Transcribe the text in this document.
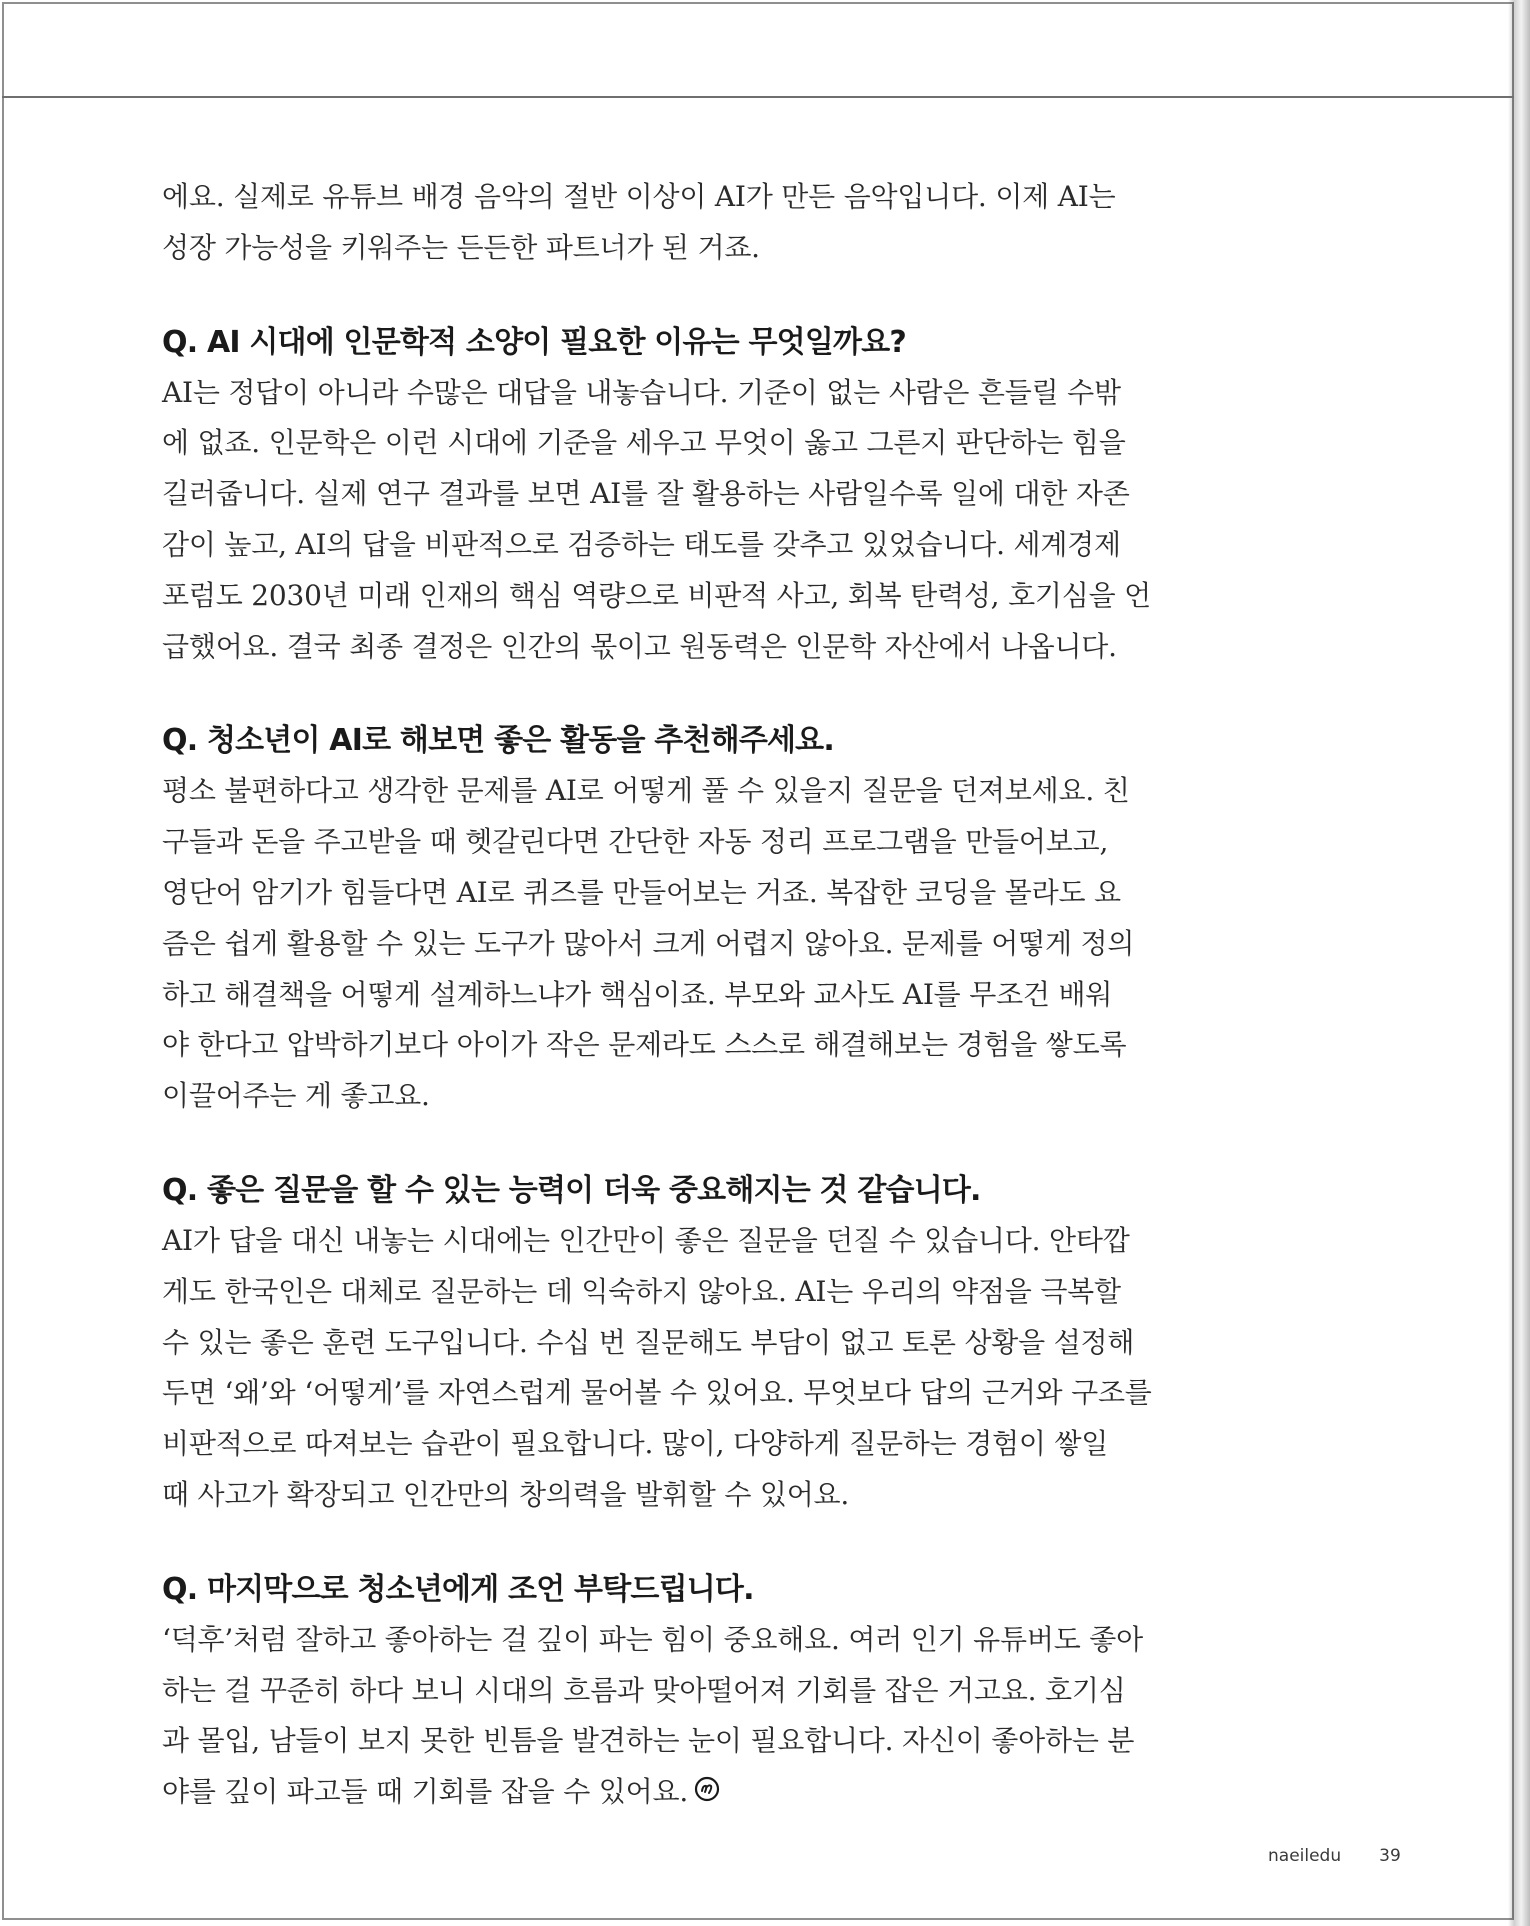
에요. 실제로 유튜브 배경 음악의 절반 이상이 AI가 만든 음악입니다. 이제 AI는
성장 가능성을 키워주는 든든한 파트너가 된 거죠.

Q. AI 시대에 인문학적 소양이 필요한 이유는 무엇일까요?

AI는 정답이 아니라 수많은 대답을 내놓습니다. 기준이 없는 사람은 흔들릴 수밖
에 없죠. 인문학은 이런 시대에 기준을 세우고 무엇이 옳고 그른지 판단하는 힘을
길러줍니다. 실제 연구 결과를 보면 AI를 잘 활용하는 사람일수록 일에 대한 자존
감이 높고, AI의 답을 비판적으로 검증하는 태도를 갖추고 있었습니다. 세계경제
포럼도 2030년 미래 인재의 핵심 역량으로 비판적 사고, 회복 탄력성, 호기심을 언
급했어요. 결국 최종 결정은 인간의 몫이고 원동력은 인문학 자산에서 나옵니다.

Q. 청소년이 AI로 해보면 좋은 활동을 추천해주세요.

평소 불편하다고 생각한 문제를 AI로 어떻게 풀 수 있을지 질문을 던져보세요. 친
구들과 돈을 주고받을 때 헷갈린다면 간단한 자동 정리 프로그램을 만들어보고,
영단어 암기가 힘들다면 AI로 퀴즈를 만들어보는 거죠. 복잡한 코딩을 몰라도 요
즘은 쉽게 활용할 수 있는 도구가 많아서 크게 어렵지 않아요. 문제를 어떻게 정의
하고 해결책을 어떻게 설계하느냐가 핵심이죠. 부모와 교사도 AI를 무조건 배워
야 한다고 압박하기보다 아이가 작은 문제라도 스스로 해결해보는 경험을 쌓도록
이끌어주는 게 좋고요.

Q. 좋은 질문을 할 수 있는 능력이 더욱 중요해지는 것 같습니다.

AI가 답을 대신 내놓는 시대에는 인간만이 좋은 질문을 던질 수 있습니다. 안타깝
게도 한국인은 대체로 질문하는 데 익숙하지 않아요. AI는 우리의 약점을 극복할
수 있는 좋은 훈련 도구입니다. 수십 번 질문해도 부담이 없고 토론 상황을 설정해
두면 ‘왜’와 ‘어떻게’를 자연스럽게 물어볼 수 있어요. 무엇보다 답의 근거와 구조를
비판적으로 따져보는 습관이 필요합니다. 많이, 다양하게 질문하는 경험이 쌓일
때 사고가 확장되고 인간만의 창의력을 발휘할 수 있어요.

Q. 마지막으로 청소년에게 조언 부탁드립니다.

‘덕후’처럼 잘하고 좋아하는 걸 깊이 파는 힘이 중요해요. 여러 인기 유튜버도 좋아
하는 걸 꾸준히 하다 보니 시대의 흐름과 맞아떨어져 기회를 잡은 거고요. 호기심
과 몰입, 남들이 보지 못한 빈틈을 발견하는 눈이 필요합니다. 자신이 좋아하는 분
야를 깊이 파고들 때 기회를 잡을 수 있어요.

naeiledu 39
